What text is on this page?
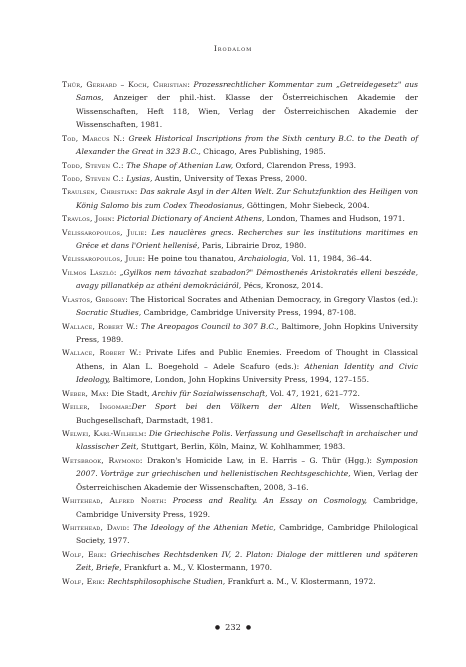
Irodalom
Thür, Gerhard – Koch, Christian: Prozessrechtlicher Kommentar zum „Getreidegesetz" aus Samos, Anzeiger der phil.-hist. Klasse der Österreichischen Akademie der Wissenschaften, Heft 118, Wien, Verlag der Österreichischen Akademie der Wissenschaften, 1981.
Tod, Marcus N.: Greek Historical Inscriptions from the Sixth century B.C. to the Death of Alexander the Great in 323 B.C., Chicago, Ares Publishing, 1985.
Todd, Steven C.: The Shape of Athenian Law, Oxford, Clarendon Press, 1993.
Todd, Steven C.: Lysias, Austin, University of Texas Press, 2000.
Traulsen, Christian: Das sakrale Asyl in der Alten Welt. Zur Schutzfunktion des Heiligen von König Salomo bis zum Codex Theodosianus, Göttingen, Mohr Siebeck, 2004.
Travlos, John: Pictorial Dictionary of Ancient Athens, London, Thames and Hudson, 1971.
Vélissaropoulos, Julie: Les nauclères grecs. Recherches sur les institutions maritimes en Gréce et dans l'Orient hellenisé, Paris, Librairie Droz, 1980.
Vélissaropoulos, Julie: He poine tou thanatou, Archaiologia, Vol. 11, 1984, 36–44.
Vilmos László: „Gyilkos nem távozhat szabadon?" Démosthenés Aristokratés elleni beszéde, avagy pillanatkép az athéni demokráciáról, Pécs, Kronosz, 2014.
Vlastos, Gregory: The Historical Socrates and Athenian Democracy, in Gregory Vlastos (ed.): Socratic Studies, Cambridge, Cambridge University Press, 1994, 87-108.
Wallace, Robert W.: The Areopagos Council to 307 B.C., Baltimore, John Hopkins University Press, 1989.
Wallace, Robert W.: Private Lifes and Public Enemies. Freedom of Thought in Classical Athens, in Alan L. Boegehold – Adele Scafuro (eds.): Athenian Identity and Civic Ideology, Baltimore, London, John Hopkins University Press, 1994, 127–155.
Weber, Max: Die Stadt, Archiv für Sozialwissenschaft, Vol. 47, 1921, 621–772.
Weiler, Ingomar:Der Sport bei den Völkern der Alten Welt, Wissenschaftliche Buchgesellschaft, Darmstadt, 1981.
Welwei, Karl-Wilhelm: Die Griechische Polis. Verfassung und Gesellschaft in archaischer und klassischer Zeit, Stuttgart, Berlin, Köln, Mainz, W. Kohlhammer, 1983.
Wetsbrook, Raymond: Drakon's Homicide Law, in E. Harris – G. Thür (Hgg.): Symposion 2007. Vorträge zur griechischen und hellenistischen Rechtsgeschichte, Wien, Verlag der Österreichischen Akademie der Wissenschaften, 2008, 3–16.
Whitehead, Alfred North: Process and Reality. An Essay on Cosmology, Cambridge, Cambridge University Press, 1929.
Whitehead, David: The Ideology of the Athenian Metic, Cambridge, Cambridge Philological Society, 1977.
Wolf, Erik: Griechisches Rechtsdenken IV, 2. Platon: Dialoge der mittleren und späteren Zeit, Briefe, Frankfurt a. M., V. Klostermann, 1970.
Wolf, Erik: Rechtsphilosophische Studien, Frankfurt a. M., V. Klostermann, 1972.
● 232 ●
